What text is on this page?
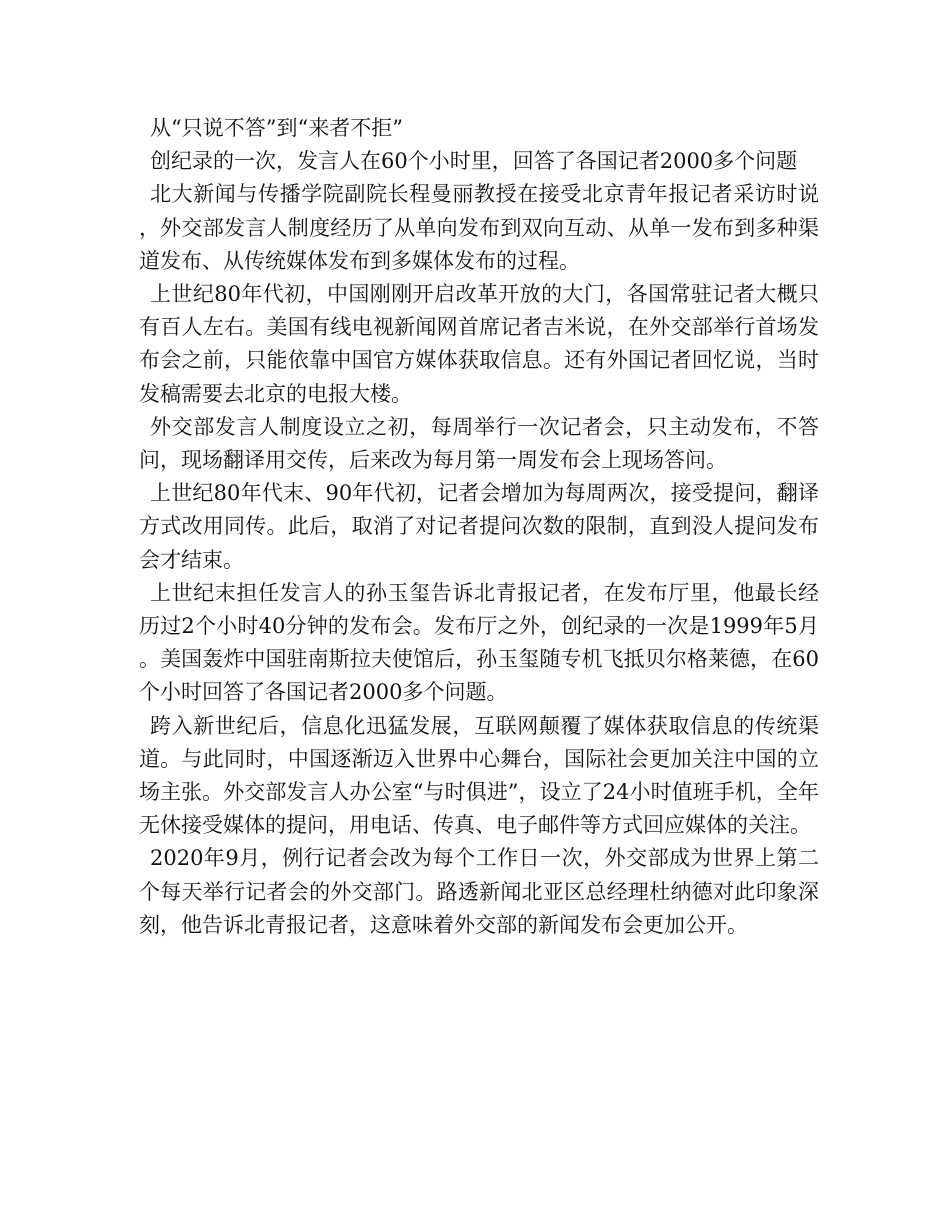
从“只说不答”到“来者不拒”

创纪录的一次，发言人在60个小时里，回答了各国记者2000多个问题

北大新闻与传播学院副院长程曼丽教授在接受北京青年报记者采访时说，外交部发言人制度经历了从单向发布到双向互动、从单一发布到多种渠道发布、从传统媒体发布到多媒体发布的过程。

上世纪80年代初，中国刚刚开启改革开放的大门，各国常驻记者大概只有百人左右。美国有线电视新闻网首席记者吉米说，在外交部举行首场发布会之前，只能依靠中国官方媒体获取信息。还有外国记者回忆说，当时发稿需要去北京的电报大楼。

外交部发言人制度设立之初，每周举行一次记者会，只主动发布，不答问，现场翻译用交传，后来改为每月第一周发布会上现场答问。

上世纪80年代末、90年代初，记者会增加为每周两次，接受提问，翻译方式改用同传。此后，取消了对记者提问次数的限制，直到没人提问发布会才结束。

上世纪末担任发言人的孙玉玺告诉北青报记者，在发布厅里，他最长经历过2个小时40分钟的发布会。发布厅之外，创纪录的一次是1999年5月。美国轰炸中国驻南斯拉夫使馆后，孙玉玺随专机飞抵贝尔格莱德，在60个小时回答了各国记者2000多个问题。

跨入新世纪后，信息化迅猛发展，互联网颠覆了媒体获取信息的传统渠道。与此同时，中国逐渐迈入世界中心舞台，国际社会更加关注中国的立场主张。外交部发言人办公室“与时俱进”，设立了24小时值班手机，全年无休接受媒体的提问，用电话、传真、电子邮件等方式回应媒体的关注。

2020年9月，例行记者会改为每个工作日一次，外交部成为世界上第二个每天举行记者会的外交部门。路透新闻北亚区总经理杜纳德对此印象深刻，他告诉北青报记者，这意味着外交部的新闻发布会更加公开。
